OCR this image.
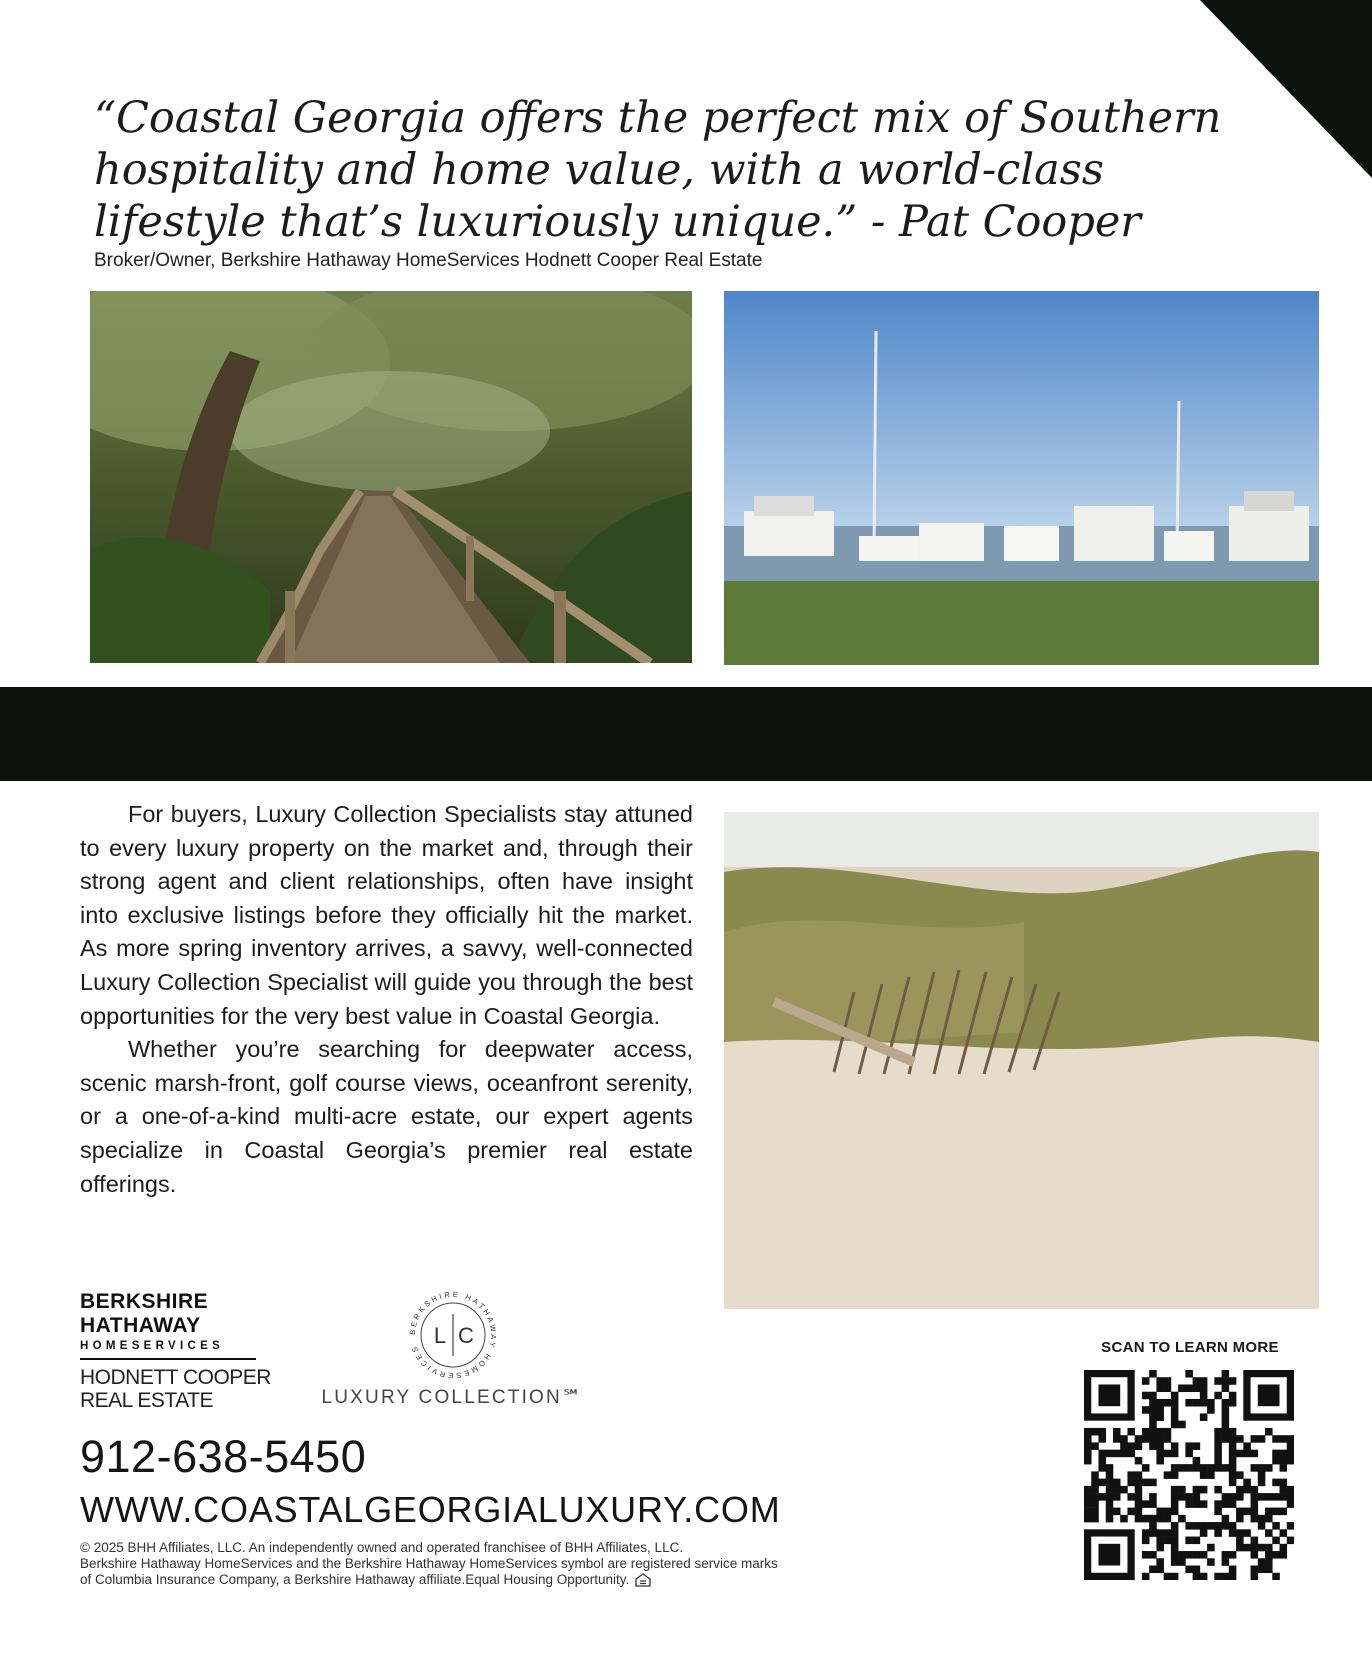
“Coastal Georgia offers the perfect mix of Southern hospitality and home value, with a world-class lifestyle that’s luxuriously unique.” - Pat Cooper

Broker/Owner, Berkshire Hathaway HomeServices Hodnett Cooper Real Estate

For buyers, Luxury Collection Specialists stay attuned to every luxury property on the market and, through their strong agent and client relationships, often have insight into exclusive listings before they officially hit the market. As more spring inventory arrives, a savvy, well-connected Luxury Collection Specialist will guide you through the best opportunities for the very best value in Coastal Georgia.

Whether you’re searching for deepwater access, scenic marsh-front, golf course views, oceanfront serenity, or a one-of-a-kind multi-acre estate, our expert agents specialize in Coastal Georgia’s premier real estate offerings.

BERKSHIRE
HATHAWAY
HOMESERVICES
HODNETT COOPER
REAL ESTATE
BERKSHIRE HATHAWAY HOMESERVICES
L C
LUXURY COLLECTION℠
912-638-5450
WWW.COASTALGEORGIALUXURY.COM
© 2025 BHH Affiliates, LLC. An independently owned and operated franchisee of BHH Affiliates, LLC.
Berkshire Hathaway HomeServices and the Berkshire Hathaway HomeServices symbol are registered service marks
of Columbia Insurance Company, a Berkshire Hathaway affiliate.Equal Housing Opportunity.
SCAN TO LEARN MORE
